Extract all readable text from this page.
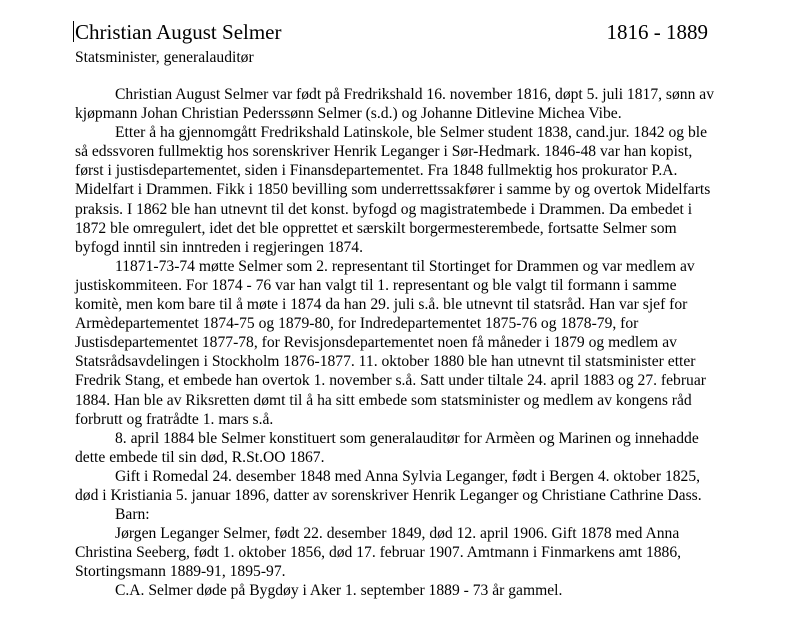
Christian August Selmer	1816 - 1889
Statsminister, generalauditør

Christian August Selmer var født på Fredrikshald 16. november 1816, døpt 5. juli 1817, sønn av kjøpmann Johan Christian Pederssønn Selmer (s.d.) og Johanne Ditlevine Michea Vibe.

Etter å ha gjennomgått Fredrikshald Latinskole, ble Selmer student 1838, cand.jur. 1842 og ble så edssvoren fullmektig hos sorenskriver Henrik Leganger i Sør-Hedmark. 1846-48 var han kopist, først i justisdepartementet, siden i Finansdepartementet. Fra 1848 fullmektig hos prokurator P.A. Midelfart i Drammen. Fikk i 1850 bevilling som underrettssakfører i samme by og overtok Midelfarts praksis. I 1862 ble han utnevnt til det konst. byfogd og magistratembede i Drammen. Da embedet i 1872 ble omregulert, idet det ble opprettet et særskilt borgermesterembede, fortsatte Selmer som byfogd inntil sin inntreden i regjeringen 1874.

11871-73-74 møtte Selmer som 2. representant til Stortinget for Drammen og var medlem av justiskommiteen. For 1874 - 76 var han valgt til 1. representant og ble valgt til formann i samme komitè, men kom bare til å møte i 1874 da han 29. juli s.å. ble utnevnt til statsråd. Han var sjef for Armèdepartementet 1874-75 og 1879-80, for Indredepartementet 1875-76 og 1878-79, for Justisdepartementet 1877-78, for Revisjonsdepartementet noen få måneder i 1879 og medlem av Statsrådsavdelingen i Stockholm 1876-1877. 11. oktober 1880 ble han utnevnt til statsminister etter Fredrik Stang, et embede han overtok 1. november s.å. Satt under tiltale 24. april 1883 og 27. februar 1884. Han ble av Riksretten dømt til å ha sitt embede som statsminister og medlem av kongens råd forbrutt og fratrådte 1. mars s.å.

8. april 1884 ble Selmer konstituert som generalauditør for Armèen og Marinen og innehadde dette embede til sin død, R.St.OO 1867.

Gift i Romedal 24. desember 1848 med Anna Sylvia Leganger, født i Bergen 4. oktober 1825, død i Kristiania 5. januar 1896, datter av sorenskriver Henrik Leganger og Christiane Cathrine Dass.

Barn:

Jørgen Leganger Selmer, født 22. desember 1849, død 12. april 1906. Gift 1878 med Anna Christina Seeberg, født 1. oktober 1856, død 17. februar 1907. Amtmann i Finmarkens amt 1886, Stortingsmann 1889-91, 1895-97.

C.A. Selmer døde på Bygdøy i Aker 1. september 1889 - 73 år gammel.
